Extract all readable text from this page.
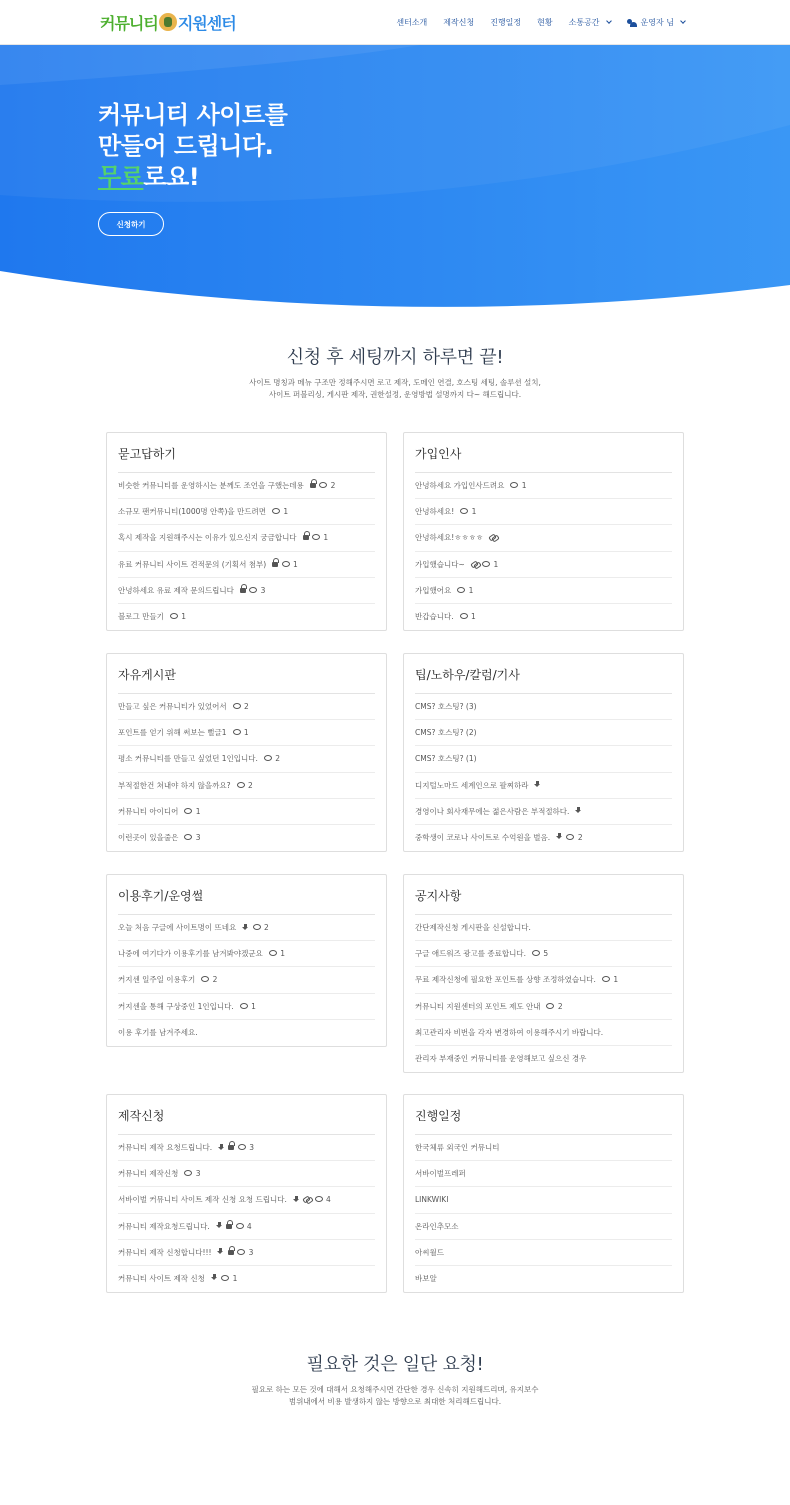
커뮤니티 지원센터	센터소개 제작신청 진행일정 현황 소통공간	운영자 님
커뮤니티 사이트를
만들어 드립니다.
무료로요!
신청하기
신청 후 세팅까지 하루면 끝!
사이트 명칭과 메뉴 구조만 정해주시면 로고 제작, 도메인 연결, 호스팅 세팅, 솔루션 설치,
사이트 퍼블리싱, 게시판 제작, 권한설정, 운영방법 설명까지 다~ 해드립니다.
묻고답하기
비슷한 커뮤니티를 운영하시는 분께도 조언을 구했는데용	2
소규모 팬커뮤니티(1000명 안쪽)을 만드려면 1
혹시 제작을 지원해주시는 이유가 있으신지 궁금합니다	1
유료 커뮤니티 사이트 견적문의 (기획서 첨부)	1
안녕하세요 유료 제작 문의드립니다	3
블로그 만들기 1
가입인사
안녕하세요 가입인사드려요 1
안녕하세요! 1
안녕하세요!ㅎㅎㅎㅎ
가입했습니다~	1
가입했어요 1
반갑습니다. 1
자유게시판
만들고 싶은 커뮤니티가 있었어서 2
포인트를 얻기 위해 써보는 뻘글1 1
평소 커뮤니티를 만들고 싶었던 1인입니다. 2
부적절한건 쳐내야 하지 않을까요? 2
커뮤니티 아이디어 1
이런곳이 있을줄은 3
팁/노하우/칼럼/기사
CMS? 호스팅? (3)
CMS? 호스팅? (2)
CMS? 호스팅? (1)
디지털노마드 세계인으로 팔찌하라
경영이나 회사재무에는 젊은사람은 부적절하다.
중학생이 코로나 사이트로 수억원을 벌음.	2
이용후기/운영썰
오늘 처음 구글에 사이트명이 뜨네요	2
나중에 여기다가 이용후기를 남겨봐야겠군요 1
커지센 일주일 이용후기 2
커지센을 통해 구상중인 1인입니다. 1
이용 후기를 남겨주세요.
공지사항
간단제작신청 게시판을 신설합니다.
구글 애드워즈 광고를 종료합니다. 5
무료 제작신청에 필요한 포인트를 상향 조정하였습니다. 1
커뮤니티 지원센터의 포인트 제도 안내 2
최고관리자 비번을 각자 변경하여 이용해주시기 바랍니다.
관리자 부재중인 커뮤니티를 운영해보고 싶으신 경우
제작신청
커뮤니티 제작 요청드립니다.	3
커뮤니티 제작신청 3
서바이벌 커뮤니티 사이트 제작 신청 요청 드립니다.	4
커뮤니티 제작요청드립니다.	4
커뮤니티 제작 신청합니다!!!	3
커뮤니티 사이트 제작 신청	1
진행일정
한국체류 외국인 커뮤니티
서바이벌프레퍼
LINKWIKI
온라인추모소
아씨월드
바보알
필요한 것은 일단 요청!
필요로 하는 모든 것에 대해서 요청해주시면 간단한 경우 신속히 지원해드리며, 유지보수
범위내에서 비용 발생하지 않는 방향으로 최대한 처리해드립니다.
